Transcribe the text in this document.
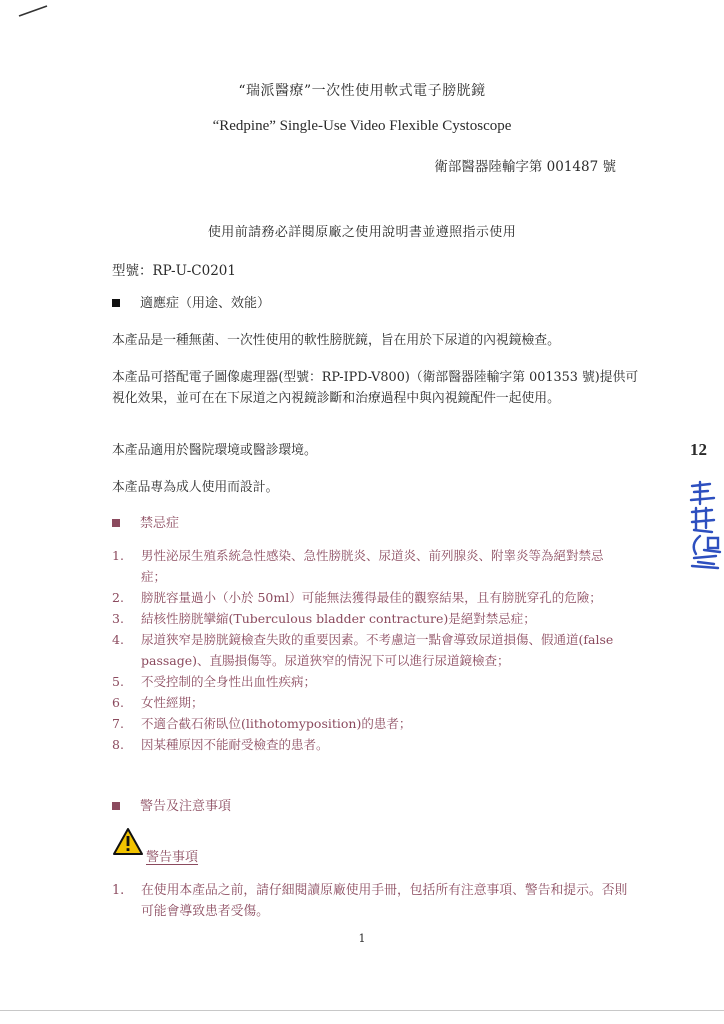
“瑞派醫療”一次性使用軟式電子膀胱鏡
“Redpine” Single-Use Video Flexible Cystoscope
衛部醫器陸輸字第 001487 號
使用前請務必詳閱原廠之使用說明書並遵照指示使用
型號：RP-U-C0201
適應症（用途、效能）
本產品是一種無菌、一次性使用的軟性膀胱鏡，旨在用於下尿道的內視鏡檢查。
本產品可搭配電子圖像處理器(型號：RP-IPD-V800)（衛部醫器陸輸字第 001353 號)提供可視化效果，並可在在下尿道之內視鏡診斷和治療過程中與內視鏡配件一起使用。
本產品適用於醫院環境或醫診環境。
本產品專為成人使用而設計。
禁忌症
1.	男性泌尿生殖系統急性感染、急性膀胱炎、尿道炎、前列腺炎、附睾炎等為絕對禁忌症；
2.	膀胱容量過小（小於 50ml）可能無法獲得最佳的觀察結果，且有膀胱穿孔的危險；
3.	結核性膀胱攣縮(Tuberculous bladder contracture)是絕對禁忌症；
4.	尿道狹窄是膀胱鏡檢查失敗的重要因素。不考慮這一點會導致尿道損傷、假通道(false passage)、直腸損傷等。尿道狹窄的情況下可以進行尿道鏡檢查；
5.	不受控制的全身性出血性疾病；
6.	女性經期；
7.	不適合截石術臥位(lithotomyposition)的患者；
8.	因某種原因不能耐受檢查的患者。
警告及注意事項
警告事項
1.	在使用本產品之前，請仔細閱讀原廠使用手冊，包括所有注意事項、警告和提示。否則可能會導致患者受傷。
1
12
